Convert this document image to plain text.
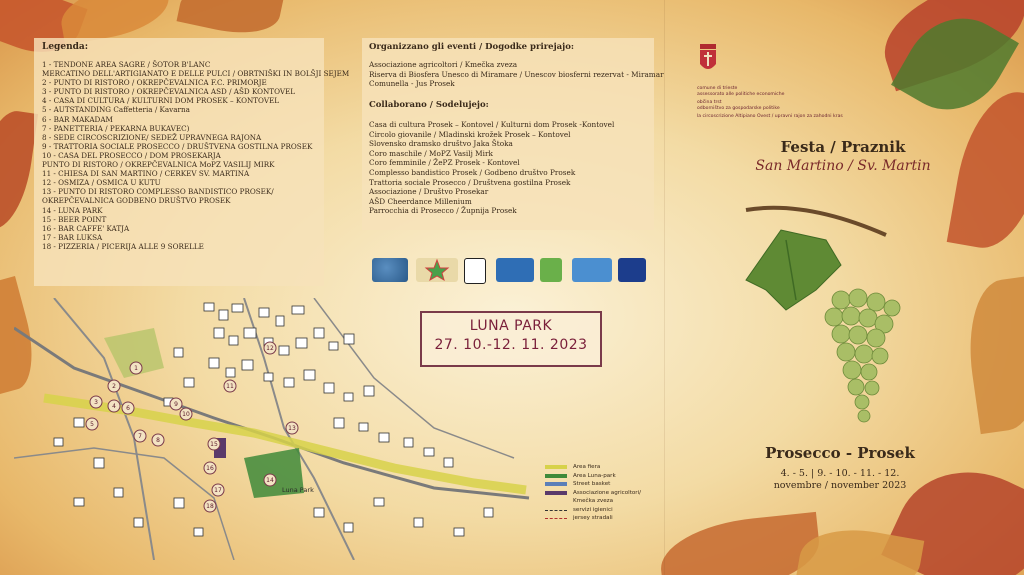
Legenda:
1 - TENDONE AREA SAGRE / ŠOTOR B'LANC
MERCATINO DELL'ARTIGIANATO E DELLE PULCI / OBRTNIŠKI IN BOLŠJI SEJEM
2 - PUNTO DI RISTORO / OKREPČEVALNICA F.C. PRIMORJE
3 - PUNTO DI RISTORO / OKREPČEVALNICA ASD / AŠD KONTOVEL
4 - CASA DI CULTURA / KULTURNI DOM PROSEK – KONTOVEL
5 - AUTSTANDING Caffetteria / Kavarna
6 - BAR MAKADAM
7 - PANETTERIA / PEKARNA BUKAVEC)
8 - SEDE CIRCOSCRIZIONE/ SEDEŽ UPRAVNEGA RAJONA
9 - TRATTORIA SOCIALE PROSECCO / DRUŠTVENA GOSTILNA PROSEK
10 - CASA DEL PROSECCO / DOM PROSEKARJA
PUNTO DI RISTORO / OKREPČEVALNICA MoPZ VASILIJ MIRK
11 - CHIESA DI SAN MARTINO / CERKEV SV. MARTINA
12 - OSMIZA / OSMICA U KUTU
13 - PUNTO DI RISTORO COMPLESSO BANDISTICO PROSEK/
OKREPČEVALNICA GODBENO DRUŠTVO PROSEK
14 - LUNA PARK
15 - BEER POINT
16 - BAR CAFFE' KATJA
17 - BAR LUKSA
18 - PIZZERIA / PICERIJA ALLE 9 SORELLE
Organizzano gli eventi / Dogodke prirejajo:
Associazione agricoltori / Kmečka zveza
Riserva di Biosfera Unesco di Miramare / Unescov biosferni rezervat - Miramar
Comunella - Jus Prosek
Collaborano / Sodelujejo:
Casa di cultura Prosek – Kontovel / Kulturni dom Prosek -Kontovel
Circolo giovanile / Mladinski krožek Prosek – Kontovel
Slovensko dramsko društvo Jaka Štoka
Coro maschile / MoPZ Vasilj Mirk
Coro femminile / ŽePZ Prosek - Kontovel
Complesso bandistico Prosek / Godbeno društvo Prosek
Trattoria sociale Prosecco / Društvena gostilna Prosek
Associazione / Društvo Prosekar
AŠD Cheerdance Millenium
Parrocchia di Prosecco / Župnija Prosek
1
2
3
4
5
6
7
8
9
10
11
12
13
14
15
16
17
18
Luna Park
LUNA PARK
27. 10.-12. 11. 2023
Area fiera
Area Luna-park
Street basket
Associazione agricoltori/
Kmečka zveza
servizi igienici
jersey stradali
comune di trieste
assessorato alle politiche economiche
občina trst
odborništvo za gospodarske politike
la circoscrizione Altipiano Ovest / upravni rajon za zahodni kras
Festa / Praznik
San Martino / Sv. Martin
Prosecco - Prosek
4. - 5. | 9. - 10. - 11. - 12.
novembre / november 2023
